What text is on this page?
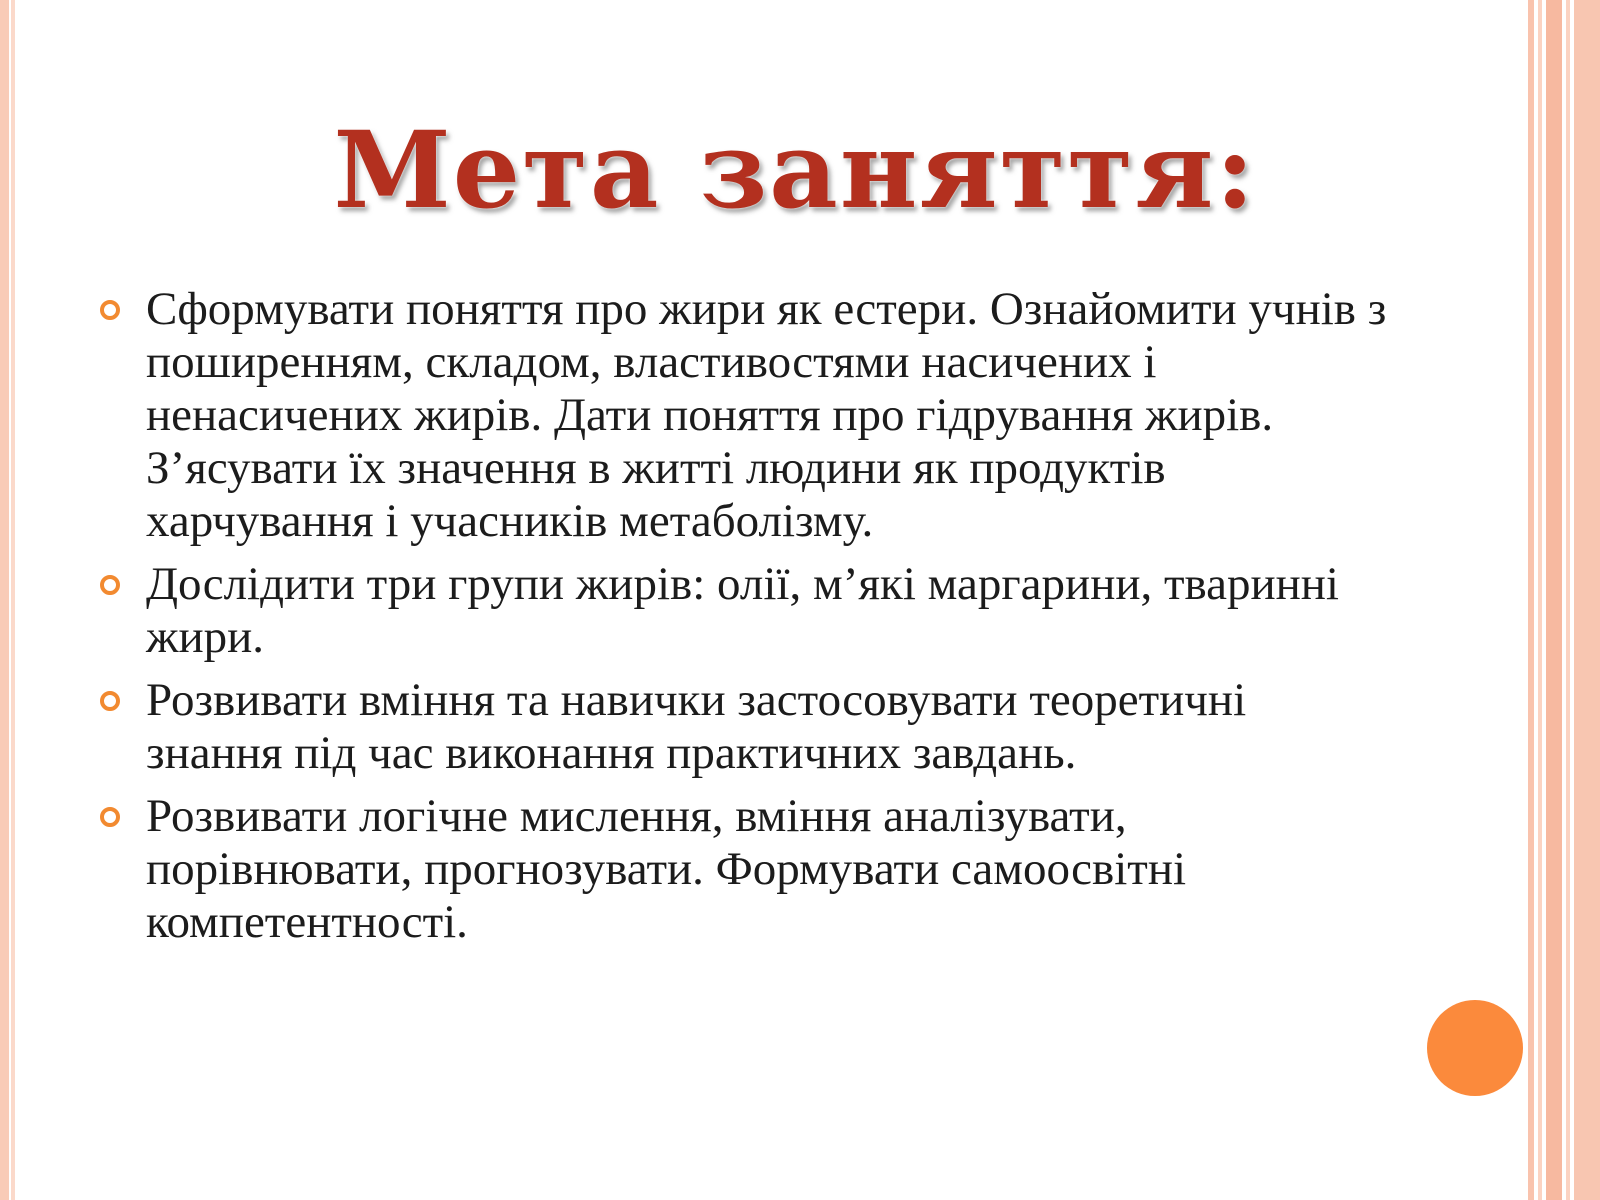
Мета заняття:
Сформувати поняття про жири як естери. Ознайомити учнів з поширенням, складом, властивостями насичених і ненасичених жирів. Дати поняття про гідрування жирів. З’ясувати їх значення в житті людини як продуктів харчування і учасників метаболізму.
Дослідити три групи жирів: олії, м’які маргарини, тваринні жири.
Розвивати вміння та навички застосовувати теоретичні знання під час виконання практичних завдань.
Розвивати логічне мислення, вміння аналізувати, порівнювати, прогнозувати. Формувати самоосвітні компетентності.
